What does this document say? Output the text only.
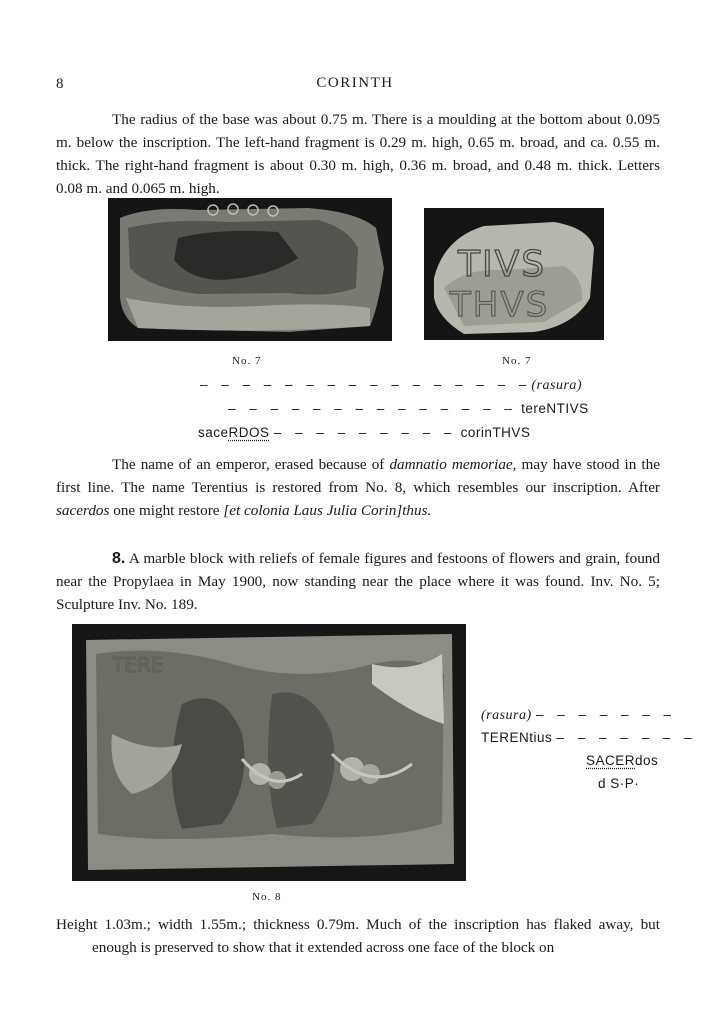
8	CORINTH
The radius of the base was about 0.75 m. There is a moulding at the bottom about 0.095 m. below the inscription. The left-hand fragment is 0.29 m. high, 0.65 m. broad, and ca. 0.55 m. thick. The right-hand fragment is about 0.30 m. high, 0.36 m. broad, and 0.48 m. thick. Letters 0.08 m. and 0.065 m. high.
TIVS
THVS
No. 7	No. 7
– – – – – – – – – – – – – – – –(rasura)
– – – – – – – – – – – – – – tereNTIVS
saceRDOS – – – – – – – – – corinTHVS
The name of an emperor, erased because of damnatio memoriae, may have stood in the first line. The name Terentius is restored from No. 8, which resembles our inscription. After sacerdos one might restore [et colonia Laus Julia Corin]thus.
8. A marble block with reliefs of female figures and festoons of flowers and grain, found near the Propylaea in May 1900, now standing near the place where it was found. Inv. No. 5; Sculpture Inv. No. 189.
TERE
No. 8
(rasura) – – – – – – –
TERENtius – – – – – – –
SACERdos
d S·P·
Height 1.03m.; width 1.55m.; thickness 0.79m. Much of the inscription has flaked away, but enough is preserved to show that it extended across one face of the block on
